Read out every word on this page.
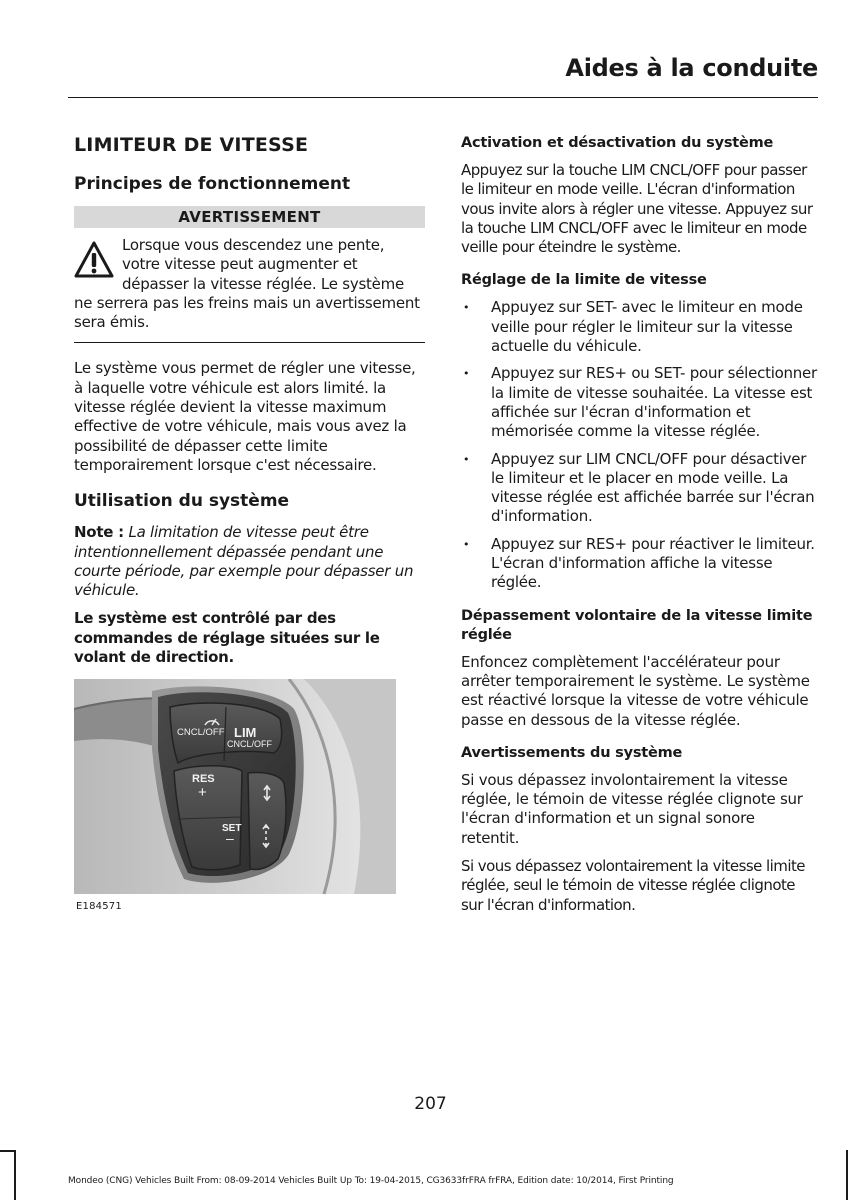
Aides à la conduite
LIMITEUR DE VITESSE
Principes de fonctionnement
AVERTISSEMENT
Lorsque vous descendez une pente, votre vitesse peut augmenter et dépasser la vitesse réglée. Le système ne serrera pas les freins mais un avertissement sera émis.

Le système vous permet de régler une vitesse, à laquelle votre véhicule est alors limité. la vitesse réglée devient la vitesse maximum effective de votre véhicule, mais vous avez la possibilité de dépasser cette limite temporairement lorsque c'est nécessaire.

Utilisation du système

Note : La limitation de vitesse peut être intentionnellement dépassée pendant une courte période, par exemple pour dépasser un véhicule.

Le système est contrôlé par des commandes de réglage situées sur le volant de direction.
CNCL/OFF LIM
CNCL/OFF
RES
+
SET
–
E184571
Activation et désactivation du système

Appuyez sur la touche LIM CNCL/OFF pour passer le limiteur en mode veille. L'écran d'information vous invite alors à régler une vitesse. Appuyez sur la touche LIM CNCL/OFF avec le limiteur en mode veille pour éteindre le système.

Réglage de la limite de vitesse
• Appuyez sur SET- avec le limiteur en mode veille pour régler le limiteur sur la vitesse actuelle du véhicule.
• Appuyez sur RES+ ou SET- pour sélectionner la limite de vitesse souhaitée. La vitesse est affichée sur l'écran d'information et mémorisée comme la vitesse réglée.
• Appuyez sur LIM CNCL/OFF pour désactiver le limiteur et le placer en mode veille. La vitesse réglée est affichée barrée sur l'écran d'information.
• Appuyez sur RES+ pour réactiver le limiteur. L'écran d'information affiche la vitesse réglée.
Dépassement volontaire de la vitesse limite réglée

Enfoncez complètement l'accélérateur pour arrêter temporairement le système. Le système est réactivé lorsque la vitesse de votre véhicule passe en dessous de la vitesse réglée.

Avertissements du système

Si vous dépassez involontairement la vitesse réglée, le témoin de vitesse réglée clignote sur l'écran d'information et un signal sonore retentit.

Si vous dépassez volontairement la vitesse limite réglée, seul le témoin de vitesse réglée clignote sur l'écran d'information.

207
Mondeo (CNG) Vehicles Built From: 08-09-2014 Vehicles Built Up To: 19-04-2015, CG3633frFRA frFRA, Edition date: 10/2014, First Printing
